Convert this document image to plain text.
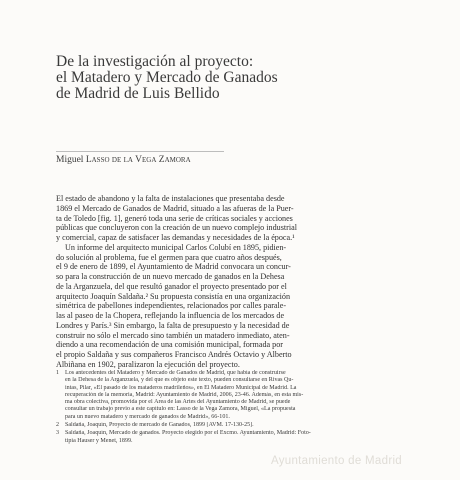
De la investigación al proyecto:
el Matadero y Mercado de Ganados
de Madrid de Luis Bellido
Miguel Lasso de la Vega Zamora
El estado de abandono y la falta de instalaciones que presentaba desde
1869 el Mercado de Ganados de Madrid, situado a las afueras de la Puer-
ta de Toledo [fig. 1], generó toda una serie de críticas sociales y acciones
públicas que concluyeron con la creación de un nuevo complejo industrial
y comercial, capaz de satisfacer las demandas y necesidades de la época.¹
Un informe del arquitecto municipal Carlos Colubí en 1895, pidien-
do solución al problema, fue el germen para que cuatro años después,
el 9 de enero de 1899, el Ayuntamiento de Madrid convocara un concur-
so para la construcción de un nuevo mercado de ganados en la Dehesa
de la Arganzuela, del que resultó ganador el proyecto presentado por el
arquitecto Joaquín Saldaña.² Su propuesta consistía en una organización
simétrica de pabellones independientes, relacionados por calles parale-
las al paseo de la Chopera, reflejando la influencia de los mercados de
Londres y París.³ Sin embargo, la falta de presupuesto y la necesidad de
construir no sólo el mercado sino también un matadero inmediato, aten-
diendo a una recomendación de una comisión municipal, formada por
el propio Saldaña y sus compañeros Francisco Andrés Octavio y Alberto
Albiñana en 1902, paralizaron la ejecución del proyecto.
1 Los antecedentes del Matadero y Mercado de Ganados de Madrid, que había de construirse
en la Dehesa de la Arganzuela, y del que es objeto este texto, pueden consultarse en Rivas Qu-
intas, Pilar, «El pasado de los mataderos madrileños», en El Matadero Municipal de Madrid. La
recuperación de la memoria, Madrid: Ayuntamiento de Madrid, 2006, 23-46. Además, en esta mis-
ma obra colectiva, promovida por el Área de las Artes del Ayuntamiento de Madrid, se puede
consultar un trabajo previo a este capítulo en: Lasso de la Vega Zamora, Miguel, «La propuesta
para un nuevo matadero y mercado de ganados de Madrid», 66-101.
2 Saldaña, Joaquín, Proyecto de mercado de Ganados, 1899 [AVM. 17-130-25].
3 Saldaña, Joaquín, Mercado de ganados. Proyecto elegido por el Excmo. Ayuntamiento, Madrid: Foto-
tipia Hauser y Menet, 1899.
Ayuntamiento de Madrid
